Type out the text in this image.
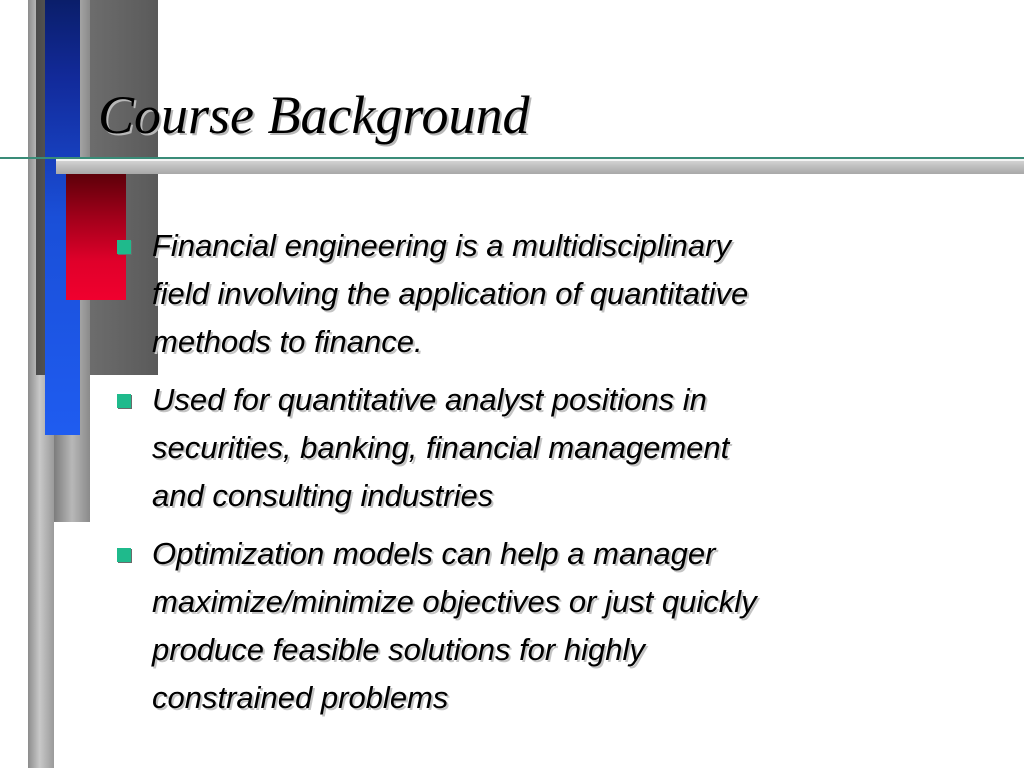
Course Background
Financial engineering is a multidisciplinary
field involving the application of quantitative
methods to finance.
Used for quantitative analyst positions in
securities, banking, financial management
and consulting industries
Optimization models can help a manager
maximize/minimize objectives or just quickly
produce feasible solutions for highly
constrained problems
